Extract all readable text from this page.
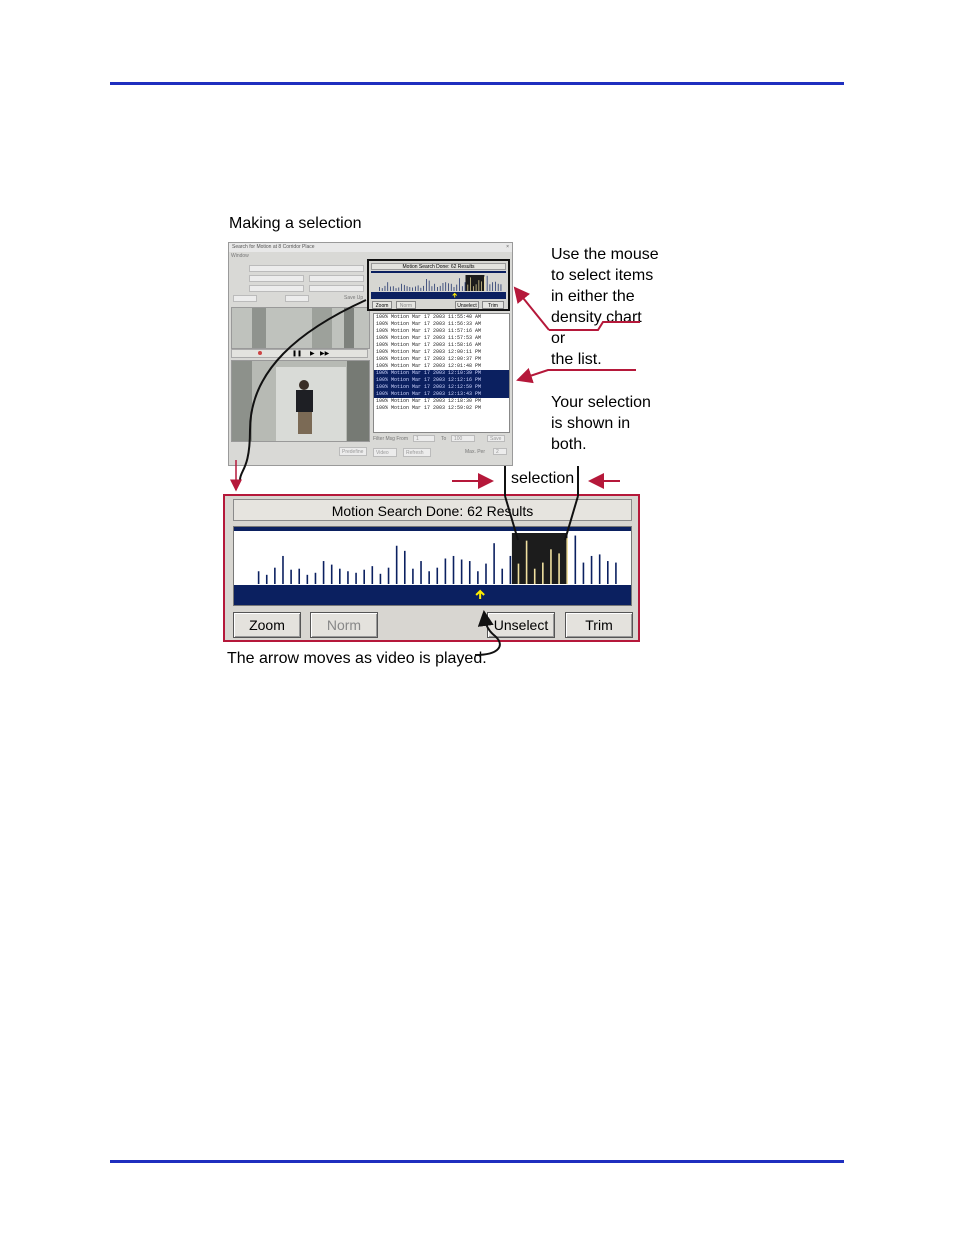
Making a selection
Search for Motion at 8 Corridor Place	×
Window
Save Up
❚❚ ▶ ▶▶
Predefine
Motion Search Done: 62 Results
Zoom	Norm	Unselect	Trim
100% Motion Mar 17 2003 11:55:40 AM
100% Motion Mar 17 2003 11:56:33 AM
100% Motion Mar 17 2003 11:57:16 AM
100% Motion Mar 17 2003 11:57:53 AM
100% Motion Mar 17 2003 11:58:16 AM
100% Motion Mar 17 2003 12:00:11 PM
100% Motion Mar 17 2003 12:00:37 PM
100% Motion Mar 17 2003 12:01:48 PM
100% Motion Mar 17 2003 12:10:39 PM
100% Motion Mar 17 2003 12:12:16 PM
100% Motion Mar 17 2003 12:12:59 PM
100% Motion Mar 17 2003 12:13:43 PM
100% Motion Mar 17 2003 12:18:30 PM
100% Motion Mar 17 2003 12:59:02 PM
Filter Msg From	1	To	100	Save
Video	Refresh	Max. Per	2
Use the mouse
to select items
in either the
density chart
or
the list.
Your selection
is shown in
both.
selection
The arrow moves as video is played.
Motion Search Done: 62 Results
Zoom	Norm	Unselect	Trim
